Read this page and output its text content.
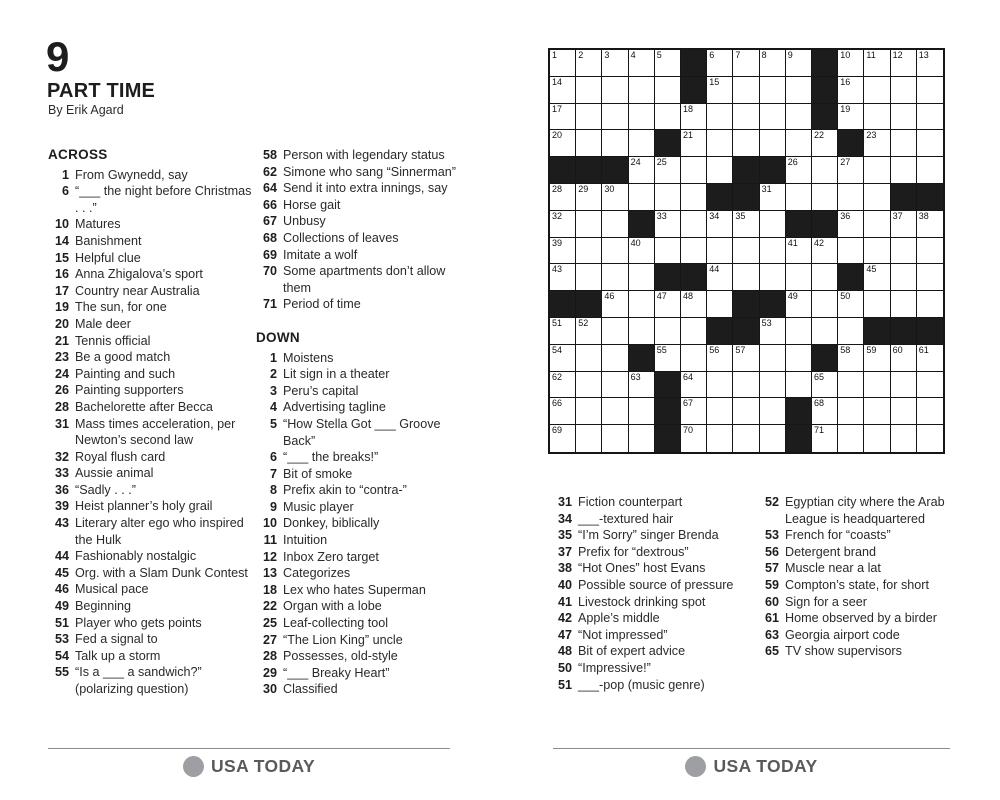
9
PART TIME
By Erik Agard
ACROSS
1 From Gwynedd, say
6 “___ the night before Christmas . . .”
10 Matures
14 Banishment
15 Helpful clue
16 Anna Zhigalova’s sport
17 Country near Australia
19 The sun, for one
20 Male deer
21 Tennis official
23 Be a good match
24 Painting and such
26 Painting supporters
28 Bachelorette after Becca
31 Mass times acceleration, per Newton’s second law
32 Royal flush card
33 Aussie animal
36 “Sadly . . .”
39 Heist planner’s holy grail
43 Literary alter ego who inspired the Hulk
44 Fashionably nostalgic
45 Org. with a Slam Dunk Contest
46 Musical pace
49 Beginning
51 Player who gets points
53 Fed a signal to
54 Talk up a storm
55 “Is a ___ a sandwich?” (polarizing question)
58 Person with legendary status
62 Simone who sang “Sinnerman”
64 Send it into extra innings, say
66 Horse gait
67 Unbusy
68 Collections of leaves
69 Imitate a wolf
70 Some apartments don’t allow them
71 Period of time
DOWN
1 Moistens
2 Lit sign in a theater
3 Peru’s capital
4 Advertising tagline
5 “How Stella Got ___ Groove Back”
6 “___ the breaks!”
7 Bit of smoke
8 Prefix akin to “contra-”
9 Music player
10 Donkey, biblically
11 Intuition
12 Inbox Zero target
13 Categorizes
18 Lex who hates Superman
22 Organ with a lobe
25 Leaf-collecting tool
27 “The Lion King” uncle
28 Possesses, old-style
29 “___ Breaky Heart”
30 Classified
USA TODAY
1 2 3 4 5	6 7 8 9	10 11 12 13
14	15	16
17	18	19
20	21	22	23
24 25	26	27
28 29 30	31
32	33	34 35	36	37 38
39	40	41 42
43	44	45
46	47 48	49	50
51 52	53
54	55	56 57	58 59 60 61
62	63	64	65
66	67	68
69	70	71
31 Fiction counterpart
34 ___-textured hair
35 “I’m Sorry” singer Brenda
37 Prefix for “dextrous”
38 “Hot Ones” host Evans
40 Possible source of pressure
41 Livestock drinking spot
42 Apple’s middle
47 “Not impressed”
48 Bit of expert advice
50 “Impressive!”
51 ___-pop (music genre)
52 Egyptian city where the Arab League is headquartered
53 French for “coasts”
56 Detergent brand
57 Muscle near a lat
59 Compton’s state, for short
60 Sign for a seer
61 Home observed by a birder
63 Georgia airport code
65 TV show supervisors
USA TODAY
